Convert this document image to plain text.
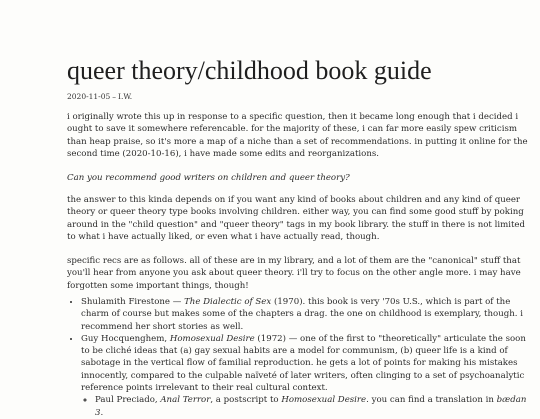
queer theory/childhood book guide
2020-11-05 – I.W.

i originally wrote this up in response to a specific question, then it became long enough that i decided i ought to save it somewhere referencable. for the majority of these, i can far more easily spew criticism than heap praise, so it's more a map of a niche than a set of recommendations. in putting it online for the second time (2020-10-16), i have made some edits and reorganizations.

Can you recommend good writers on children and queer theory?

the answer to this kinda depends on if you want any kind of books about children and any kind of queer theory or queer theory type books involving children. either way, you can find some good stuff by poking around in the "child question" and "queer theory" tags in my book library. the stuff in there is not limited to what i have actually liked, or even what i have actually read, though.

specific recs are as follows. all of these are in my library, and a lot of them are the "canonical" stuff that you'll hear from anyone you ask about queer theory. i'll try to focus on the other angle more. i may have forgotten some important things, though!

• Shulamith Firestone — The Dialectic of Sex (1970). this book is very '70s U.S., which is part of the charm of course but makes some of the chapters a drag. the one on childhood is exemplary, though. i recommend her short stories as well.
• Guy Hocquenghem, Homosexual Desire (1972) — one of the first to "theoretically" articulate the soon to be cliché ideas that (a) gay sexual habits are a model for communism, (b) queer life is a kind of sabotage in the vertical flow of familial reproduction. he gets a lot of points for making his mistakes innocently, compared to the culpable naïveté of later writers, often clinging to a set of psychoanalytic reference points irrelevant to their real cultural context.
◦ Paul Preciado, Anal Terror, a postscript to Homosexual Desire. you can find a translation in bædan 3.
